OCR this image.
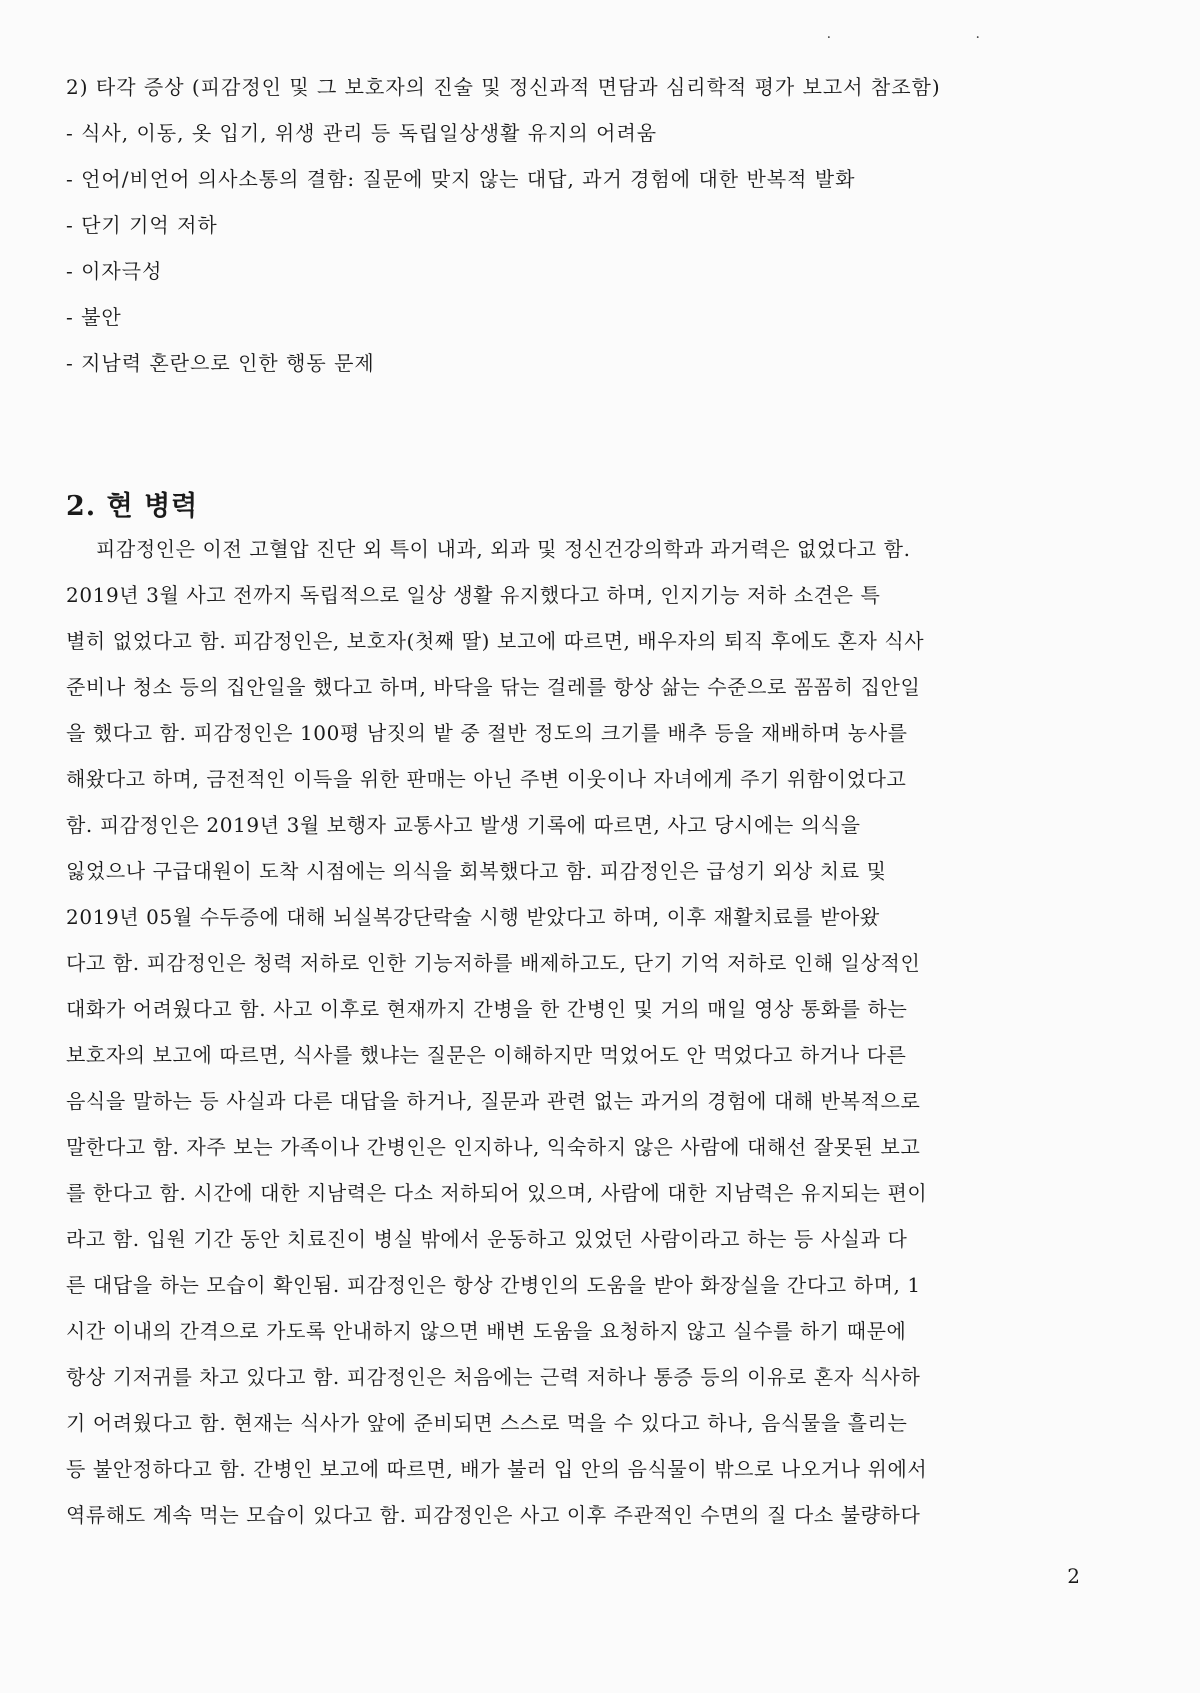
. .
2) 타각 증상 (피감정인 및 그 보호자의 진술 및 정신과적 면담과 심리학적 평가 보고서 참조함)
- 식사, 이동, 옷 입기, 위생 관리 등 독립일상생활 유지의 어려움
- 언어/비언어 의사소통의 결함: 질문에 맞지 않는 대답, 과거 경험에 대한 반복적 발화
- 단기 기억 저하
- 이자극성
- 불안
- 지남력 혼란으로 인한 행동 문제
2. 현 병력
피감정인은 이전 고혈압 진단 외 특이 내과, 외과 및 정신건강의학과 과거력은 없었다고 함.
2019년 3월 사고 전까지 독립적으로 일상 생활 유지했다고 하며, 인지기능 저하 소견은 특
별히 없었다고 함. 피감정인은, 보호자(첫째 딸) 보고에 따르면, 배우자의 퇴직 후에도 혼자 식사
준비나 청소 등의 집안일을 했다고 하며, 바닥을 닦는 걸레를 항상 삶는 수준으로 꼼꼼히 집안일
을 했다고 함. 피감정인은 100평 남짓의 밭 중 절반 정도의 크기를 배추 등을 재배하며 농사를
해왔다고 하며, 금전적인 이득을 위한 판매는 아닌 주변 이웃이나 자녀에게 주기 위함이었다고
함. 피감정인은 2019년 3월 보행자 교통사고 발생 기록에 따르면, 사고 당시에는 의식을
잃었으나 구급대원이 도착 시점에는 의식을 회복했다고 함. 피감정인은 급성기 외상 치료 및
2019년 05월 수두증에 대해 뇌실복강단락술 시행 받았다고 하며, 이후 재활치료를 받아왔
다고 함. 피감정인은 청력 저하로 인한 기능저하를 배제하고도, 단기 기억 저하로 인해 일상적인
대화가 어려웠다고 함. 사고 이후로 현재까지 간병을 한 간병인 및 거의 매일 영상 통화를 하는
보호자의 보고에 따르면, 식사를 했냐는 질문은 이해하지만 먹었어도 안 먹었다고 하거나 다른
음식을 말하는 등 사실과 다른 대답을 하거나, 질문과 관련 없는 과거의 경험에 대해 반복적으로
말한다고 함. 자주 보는 가족이나 간병인은 인지하나, 익숙하지 않은 사람에 대해선 잘못된 보고
를 한다고 함. 시간에 대한 지남력은 다소 저하되어 있으며, 사람에 대한 지남력은 유지되는 편이
라고 함. 입원 기간 동안 치료진이 병실 밖에서 운동하고 있었던 사람이라고 하는 등 사실과 다
른 대답을 하는 모습이 확인됨. 피감정인은 항상 간병인의 도움을 받아 화장실을 간다고 하며, 1
시간 이내의 간격으로 가도록 안내하지 않으면 배변 도움을 요청하지 않고 실수를 하기 때문에
항상 기저귀를 차고 있다고 함. 피감정인은 처음에는 근력 저하나 통증 등의 이유로 혼자 식사하
기 어려웠다고 함. 현재는 식사가 앞에 준비되면 스스로 먹을 수 있다고 하나, 음식물을 흘리는
등 불안정하다고 함. 간병인 보고에 따르면, 배가 불러 입 안의 음식물이 밖으로 나오거나 위에서
역류해도 계속 먹는 모습이 있다고 함. 피감정인은 사고 이후 주관적인 수면의 질 다소 불량하다
2
